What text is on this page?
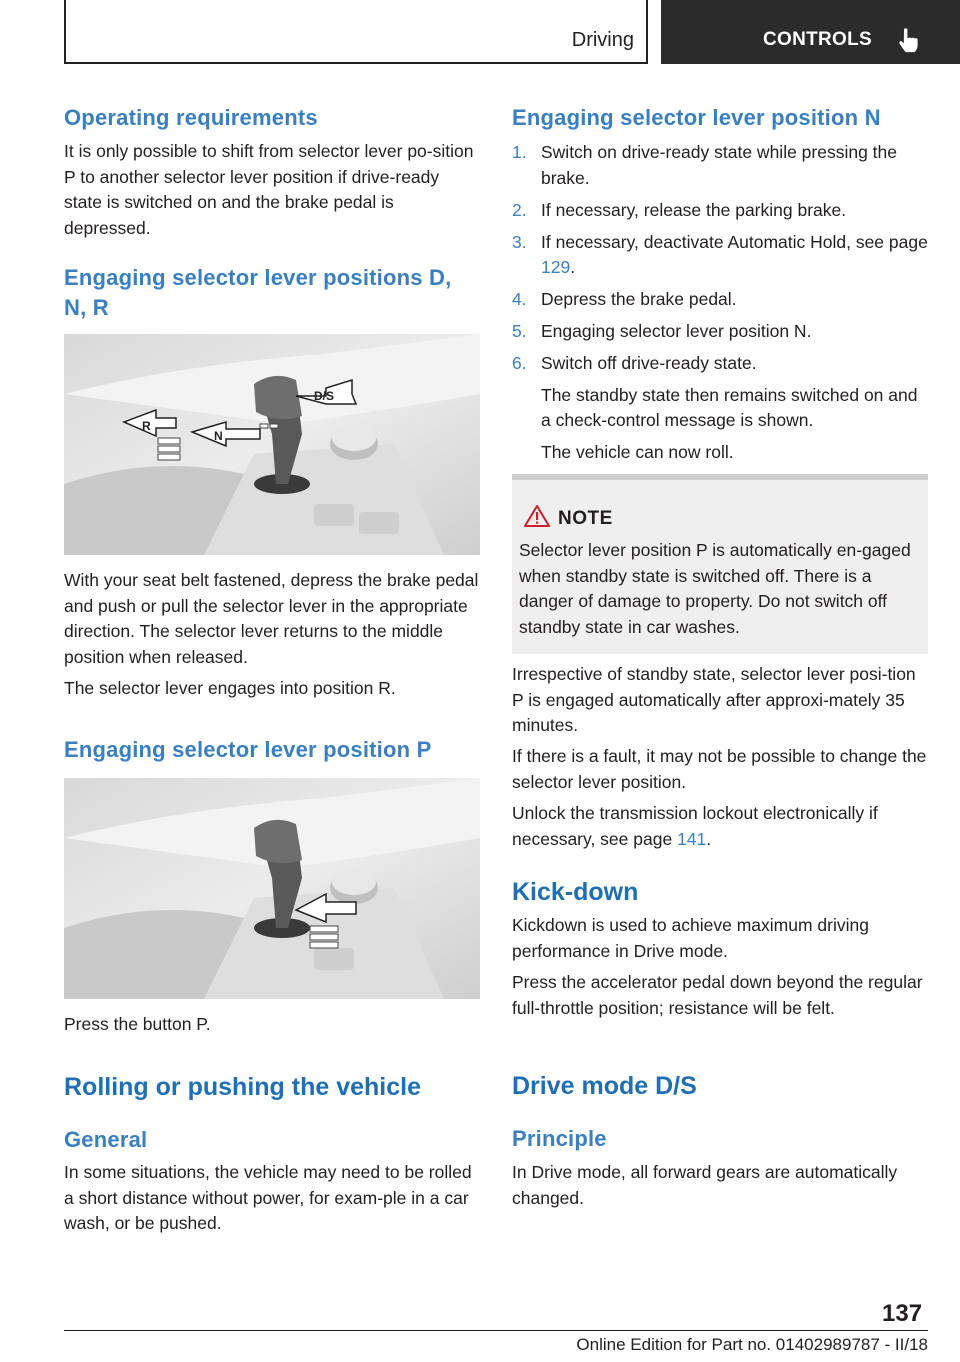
Driving	CONTROLS
Operating requirements

It is only possible to shift from selector lever po-sition P to another selector lever position if drive-ready state is switched on and the brake pedal is depressed.

Engaging selector lever positions D, N, R
R
N
D/S

With your seat belt fastened, depress the brake pedal and push or pull the selector lever in the appropriate direction. The selector lever returns to the middle position when released.

The selector lever engages into position R.

Engaging selector lever position P

Press the button P.

Rolling or pushing the vehicle
General

In some situations, the vehicle may need to be rolled a short distance without power, for exam-ple in a car wash, or be pushed.

Engaging selector lever position N
1. Switch on drive-ready state while pressing the brake.
2. If necessary, release the parking brake.
3. If necessary, deactivate Automatic Hold, see page 129.
4. Depress the brake pedal.
5. Engaging selector lever position N.
6. Switch off drive-ready state.
The standby state then remains switched on and a check-control message is shown.
The vehicle can now roll.
NOTE
Selector lever position P is automatically en-gaged when standby state is switched off. There is a danger of damage to property. Do not switch off standby state in car washes.

Irrespective of standby state, selector lever posi-tion P is engaged automatically after approxi-mately 35 minutes.

If there is a fault, it may not be possible to change the selector lever position.

Unlock the transmission lockout electronically if necessary, see page 141.

Kick-down

Kickdown is used to achieve maximum driving performance in Drive mode.

Press the accelerator pedal down beyond the regular full-throttle position; resistance will be felt.

Drive mode D/S
Principle

In Drive mode, all forward gears are automatically changed.

137
Online Edition for Part no. 01402989787 - II/18
